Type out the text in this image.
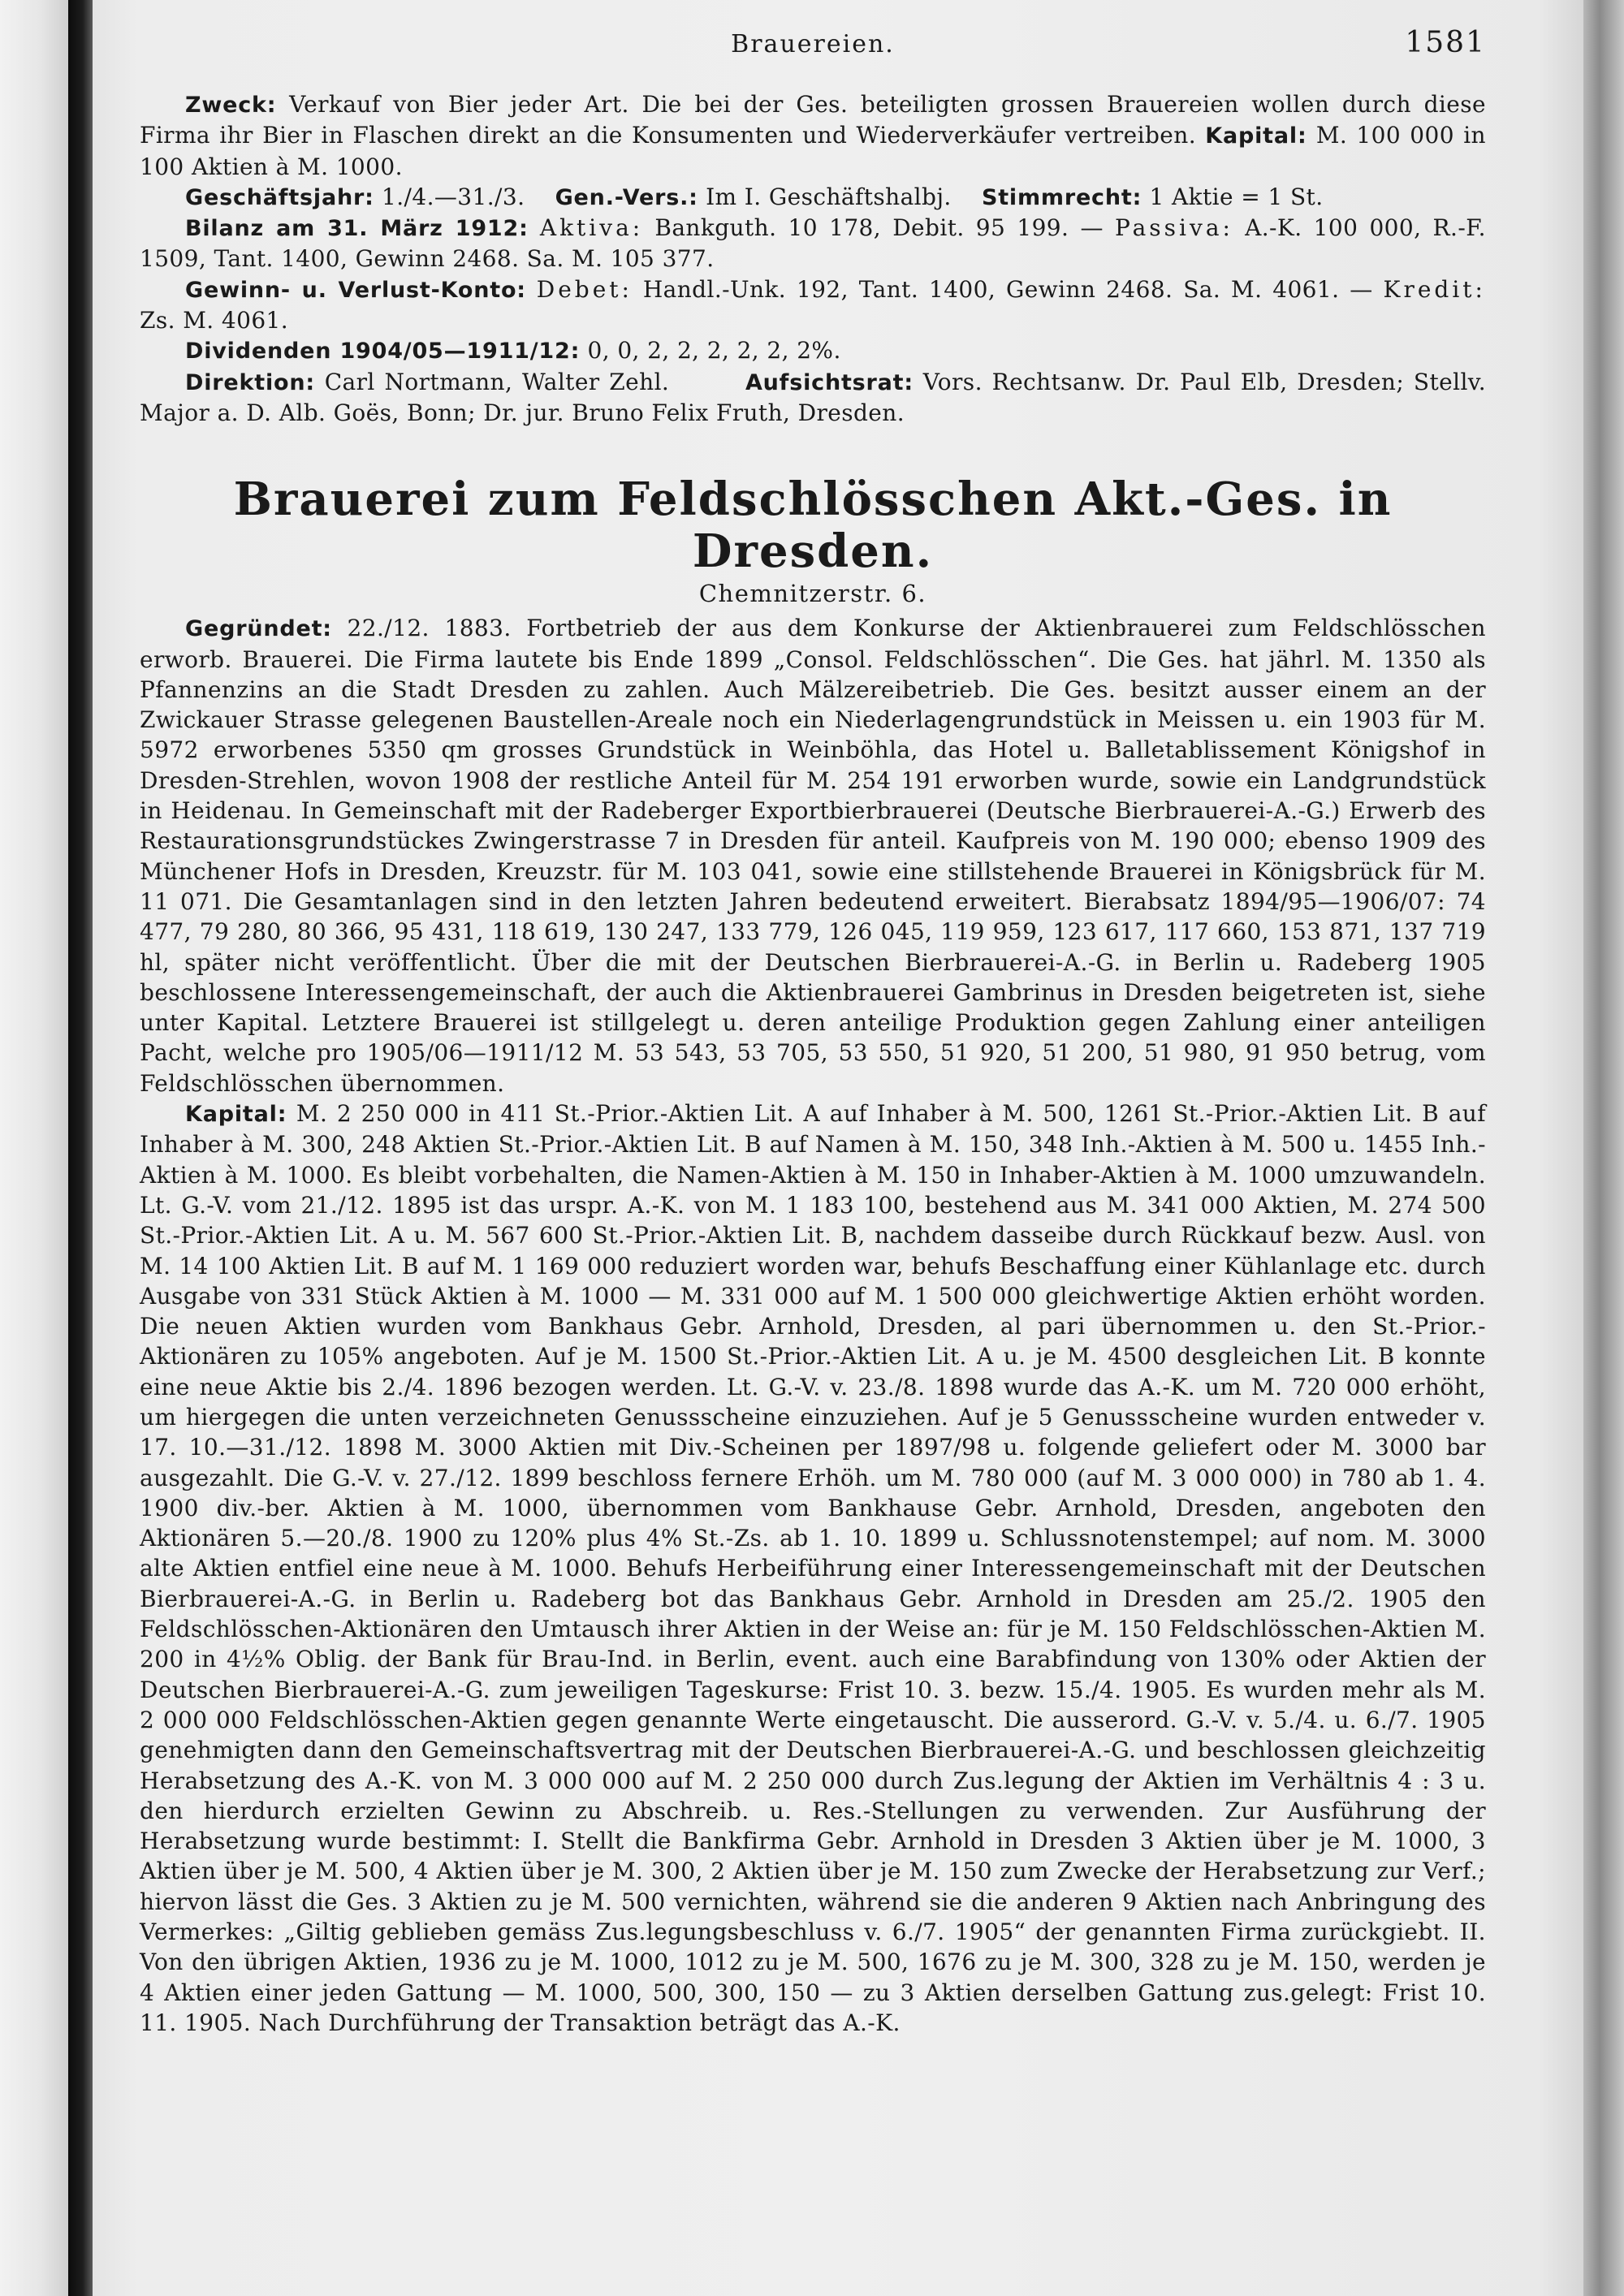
Brauereien.	1581

Zweck: Verkauf von Bier jeder Art. Die bei der Ges. beteiligten grossen Brauereien wollen durch diese Firma ihr Bier in Flaschen direkt an die Konsumenten und Wiederverkäufer vertreiben. Kapital: M. 100 000 in 100 Aktien à M. 1000.

Geschäftsjahr: 1./4.—31./3. Gen.-Vers.: Im I. Geschäftshalbj. Stimmrecht: 1 Aktie = 1 St.

Bilanz am 31. März 1912: Aktiva: Bankguth. 10 178, Debit. 95 199. — Passiva: A.-K. 100 000, R.-F. 1509, Tant. 1400, Gewinn 2468. Sa. M. 105 377.

Gewinn- u. Verlust-Konto: Debet: Handl.-Unk. 192, Tant. 1400, Gewinn 2468. Sa. M. 4061. — Kredit: Zs. M. 4061.

Dividenden 1904/05—1911/12: 0, 0, 2, 2, 2, 2, 2, 2%.

Direktion: Carl Nortmann, Walter Zehl.	Aufsichtsrat: Vors. Rechtsanw. Dr. Paul Elb, Dresden; Stellv. Major a. D. Alb. Goës, Bonn; Dr. jur. Bruno Felix Fruth, Dresden.

Brauerei zum Feldschlösschen Akt.-Ges. in Dresden.
Chemnitzerstr. 6.

Gegründet: 22./12. 1883. Fortbetrieb der aus dem Konkurse der Aktienbrauerei zum Feldschlösschen erworb. Brauerei. Die Firma lautete bis Ende 1899 „Consol. Feldschlösschen“. Die Ges. hat jährl. M. 1350 als Pfannenzins an die Stadt Dresden zu zahlen. Auch Mälzereibetrieb. Die Ges. besitzt ausser einem an der Zwickauer Strasse gelegenen Baustellen-Areale noch ein Niederlagengrundstück in Meissen u. ein 1903 für M. 5972 erworbenes 5350 qm grosses Grundstück in Weinböhla, das Hotel u. Balletablissement Königshof in Dresden-Strehlen, wovon 1908 der restliche Anteil für M. 254 191 erworben wurde, sowie ein Landgrundstück in Heidenau. In Gemeinschaft mit der Radeberger Exportbierbrauerei (Deutsche Bierbrauerei-A.-G.) Erwerb des Restaurationsgrundstückes Zwingerstrasse 7 in Dresden für anteil. Kaufpreis von M. 190 000; ebenso 1909 des Münchener Hofs in Dresden, Kreuzstr. für M. 103 041, sowie eine stillstehende Brauerei in Königsbrück für M. 11 071. Die Gesamtanlagen sind in den letzten Jahren bedeutend erweitert. Bierabsatz 1894/95—1906/07: 74 477, 79 280, 80 366, 95 431, 118 619, 130 247, 133 779, 126 045, 119 959, 123 617, 117 660, 153 871, 137 719 hl, später nicht veröffentlicht. Über die mit der Deutschen Bierbrauerei-A.-G. in Berlin u. Radeberg 1905 beschlossene Interessengemeinschaft, der auch die Aktienbrauerei Gambrinus in Dresden beigetreten ist, siehe unter Kapital. Letztere Brauerei ist stillgelegt u. deren anteilige Produktion gegen Zahlung einer anteiligen Pacht, welche pro 1905/06—1911/12 M. 53 543, 53 705, 53 550, 51 920, 51 200, 51 980, 91 950 betrug, vom Feldschlösschen übernommen.

Kapital: M. 2 250 000 in 411 St.-Prior.-Aktien Lit. A auf Inhaber à M. 500, 1261 St.-Prior.-Aktien Lit. B auf Inhaber à M. 300, 248 Aktien St.-Prior.-Aktien Lit. B auf Namen à M. 150, 348 Inh.-Aktien à M. 500 u. 1455 Inh.-Aktien à M. 1000. Es bleibt vorbehalten, die Namen-Aktien à M. 150 in Inhaber-Aktien à M. 1000 umzuwandeln. Lt. G.-V. vom 21./12. 1895 ist das urspr. A.-K. von M. 1 183 100, bestehend aus M. 341 000 Aktien, M. 274 500 St.-Prior.-Aktien Lit. A u. M. 567 600 St.-Prior.-Aktien Lit. B, nachdem dasseibe durch Rückkauf bezw. Ausl. von M. 14 100 Aktien Lit. B auf M. 1 169 000 reduziert worden war, behufs Beschaffung einer Kühlanlage etc. durch Ausgabe von 331 Stück Aktien à M. 1000 — M. 331 000 auf M. 1 500 000 gleichwertige Aktien erhöht worden. Die neuen Aktien wurden vom Bankhaus Gebr. Arnhold, Dresden, al pari übernommen u. den St.-Prior.-Aktionären zu 105% angeboten. Auf je M. 1500 St.-Prior.-Aktien Lit. A u. je M. 4500 desgleichen Lit. B konnte eine neue Aktie bis 2./4. 1896 bezogen werden. Lt. G.-V. v. 23./8. 1898 wurde das A.-K. um M. 720 000 erhöht, um hiergegen die unten verzeichneten Genussscheine einzuziehen. Auf je 5 Genussscheine wurden entweder v. 17. 10.—31./12. 1898 M. 3000 Aktien mit Div.-Scheinen per 1897/98 u. folgende geliefert oder M. 3000 bar ausgezahlt. Die G.-V. v. 27./12. 1899 beschloss fernere Erhöh. um M. 780 000 (auf M. 3 000 000) in 780 ab 1. 4. 1900 div.-ber. Aktien à M. 1000, übernommen vom Bankhause Gebr. Arnhold, Dresden, angeboten den Aktionären 5.—20./8. 1900 zu 120% plus 4% St.-Zs. ab 1. 10. 1899 u. Schlussnotenstempel; auf nom. M. 3000 alte Aktien entfiel eine neue à M. 1000. Behufs Herbeiführung einer Interessengemeinschaft mit der Deutschen Bierbrauerei-A.-G. in Berlin u. Radeberg bot das Bankhaus Gebr. Arnhold in Dresden am 25./2. 1905 den Feldschlösschen-Aktionären den Umtausch ihrer Aktien in der Weise an: für je M. 150 Feldschlösschen-Aktien M. 200 in 4½% Oblig. der Bank für Brau-Ind. in Berlin, event. auch eine Barabfindung von 130% oder Aktien der Deutschen Bierbrauerei-A.-G. zum jeweiligen Tageskurse: Frist 10. 3. bezw. 15./4. 1905. Es wurden mehr als M. 2 000 000 Feldschlösschen-Aktien gegen genannte Werte eingetauscht. Die ausserord. G.-V. v. 5./4. u. 6./7. 1905 genehmigten dann den Gemeinschaftsvertrag mit der Deutschen Bierbrauerei-A.-G. und beschlossen gleichzeitig Herabsetzung des A.-K. von M. 3 000 000 auf M. 2 250 000 durch Zus.legung der Aktien im Verhältnis 4 : 3 u. den hierdurch erzielten Gewinn zu Abschreib. u. Res.-Stellungen zu verwenden. Zur Ausführung der Herabsetzung wurde bestimmt: I. Stellt die Bankfirma Gebr. Arnhold in Dresden 3 Aktien über je M. 1000, 3 Aktien über je M. 500, 4 Aktien über je M. 300, 2 Aktien über je M. 150 zum Zwecke der Herabsetzung zur Verf.; hiervon lässt die Ges. 3 Aktien zu je M. 500 vernichten, während sie die anderen 9 Aktien nach Anbringung des Vermerkes: „Giltig geblieben gemäss Zus.legungsbeschluss v. 6./7. 1905“ der genannten Firma zurückgiebt. II. Von den übrigen Aktien, 1936 zu je M. 1000, 1012 zu je M. 500, 1676 zu je M. 300, 328 zu je M. 150, werden je 4 Aktien einer jeden Gattung — M. 1000, 500, 300, 150 — zu 3 Aktien derselben Gattung zus.gelegt: Frist 10. 11. 1905. Nach Durchführung der Transaktion beträgt das A.-K.
